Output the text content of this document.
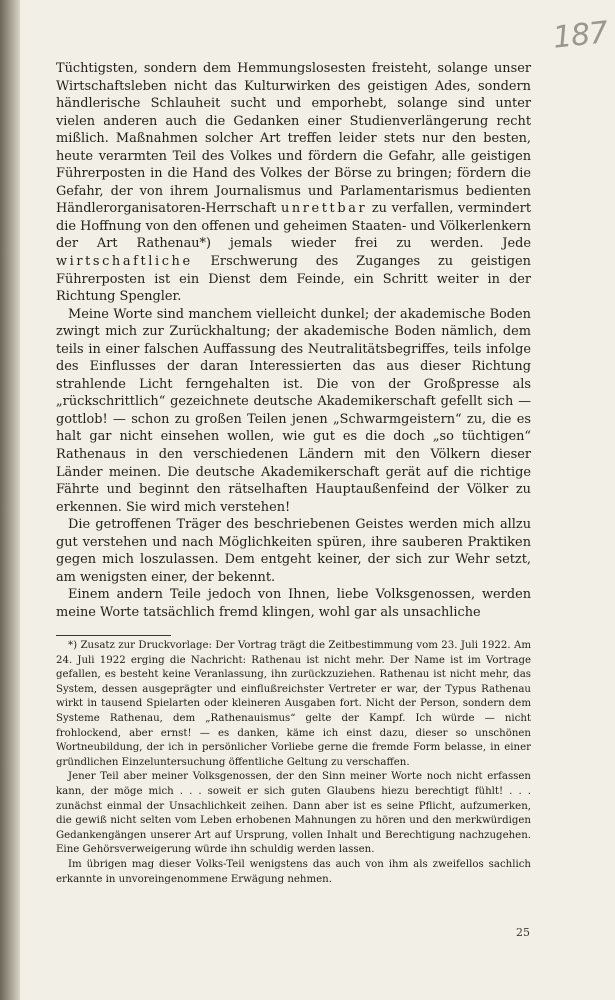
187

Tüchtigsten, sondern dem Hemmungslosesten freisteht, solange unser Wirtschaftsleben nicht das Kulturwirken des geistigen Ades, sondern händlerische Schlauheit sucht und emporhebt, solange sind unter vielen anderen auch die Gedanken einer Studienverlängerung recht mißlich. Maßnahmen solcher Art treffen leider stets nur den besten, heute verarmten Teil des Volkes und fördern die Gefahr, alle geistigen Führerposten in die Hand des Volkes der Börse zu bringen; fördern die Gefahr, der von ihrem Journalismus und Parlamentarismus bedienten Händlerorganisatoren-Herrschaft unrettbar zu verfallen, vermindert die Hoffnung von den offenen und geheimen Staaten- und Völkerlenkern der Art Rathenau*) jemals wieder frei zu werden. Jede wirtschaftliche Erschwerung des Zuganges zu geistigen Führerposten ist ein Dienst dem Feinde, ein Schritt weiter in der Richtung Spengler.

Meine Worte sind manchem vielleicht dunkel; der akademische Boden zwingt mich zur Zurückhaltung; der akademische Boden nämlich, dem teils in einer falschen Auffassung des Neutralitätsbegriffes, teils infolge des Einflusses der daran Interessierten das aus dieser Richtung strahlende Licht ferngehalten ist. Die von der Großpresse als „rückschrittlich“ gezeichnete deutsche Akademikerschaft gefellt sich — gottlob! — schon zu großen Teilen jenen „Schwarmgeistern“ zu, die es halt gar nicht einsehen wollen, wie gut es die doch „so tüchtigen“ Rathenaus in den verschiedenen Ländern mit den Völkern dieser Länder meinen. Die deutsche Akademikerschaft gerät auf die richtige Fährte und beginnt den rätselhaften Hauptaußenfeind der Völker zu erkennen. Sie wird mich verstehen!

Die getroffenen Träger des beschriebenen Geistes werden mich allzu gut verstehen und nach Möglichkeiten spüren, ihre sauberen Praktiken gegen mich loszulassen. Dem entgeht keiner, der sich zur Wehr setzt, am wenigsten einer, der bekennt.

Einem andern Teile jedoch von Ihnen, liebe Volksgenossen, werden meine Worte tatsächlich fremd klingen, wohl gar als unsachliche

*) Zusatz zur Druckvorlage: Der Vortrag trägt die Zeitbestimmung vom 23. Juli 1922. Am 24. Juli 1922 erging die Nachricht: Rathenau ist nicht mehr. Der Name ist im Vortrage gefallen, es besteht keine Veranlassung, ihn zurückzuziehen. Rathenau ist nicht mehr, das System, dessen ausgeprägter und einflußreichster Vertreter er war, der Typus Rathenau wirkt in tausend Spielarten oder kleineren Ausgaben fort. Nicht der Person, sondern dem Systeme Rathenau, dem „Rathenauismus“ gelte der Kampf. Ich würde — nicht frohlockend, aber ernst! — es danken, käme ich einst dazu, dieser so unschönen Wortneubildung, der ich in persönlicher Vorliebe gerne die fremde Form belasse, in einer gründlichen Einzeluntersuchung öffentliche Geltung zu verschaffen.

Jener Teil aber meiner Volksgenossen, der den Sinn meiner Worte noch nicht erfassen kann, der möge mich . . . soweit er sich guten Glaubens hiezu berechtigt fühlt! . . . zunächst einmal der Unsachlichkeit zeihen. Dann aber ist es seine Pflicht, aufzumerken, die gewiß nicht selten vom Leben erhobenen Mahnungen zu hören und den merkwürdigen Gedankengängen unserer Art auf Ursprung, vollen Inhalt und Berechtigung nachzugehen. Eine Gehörsverweigerung würde ihn schuldig werden lassen.

Im übrigen mag dieser Volks-Teil wenigstens das auch von ihm als zweifellos sachlich erkannte in unvoreingenommene Erwägung nehmen.

25
